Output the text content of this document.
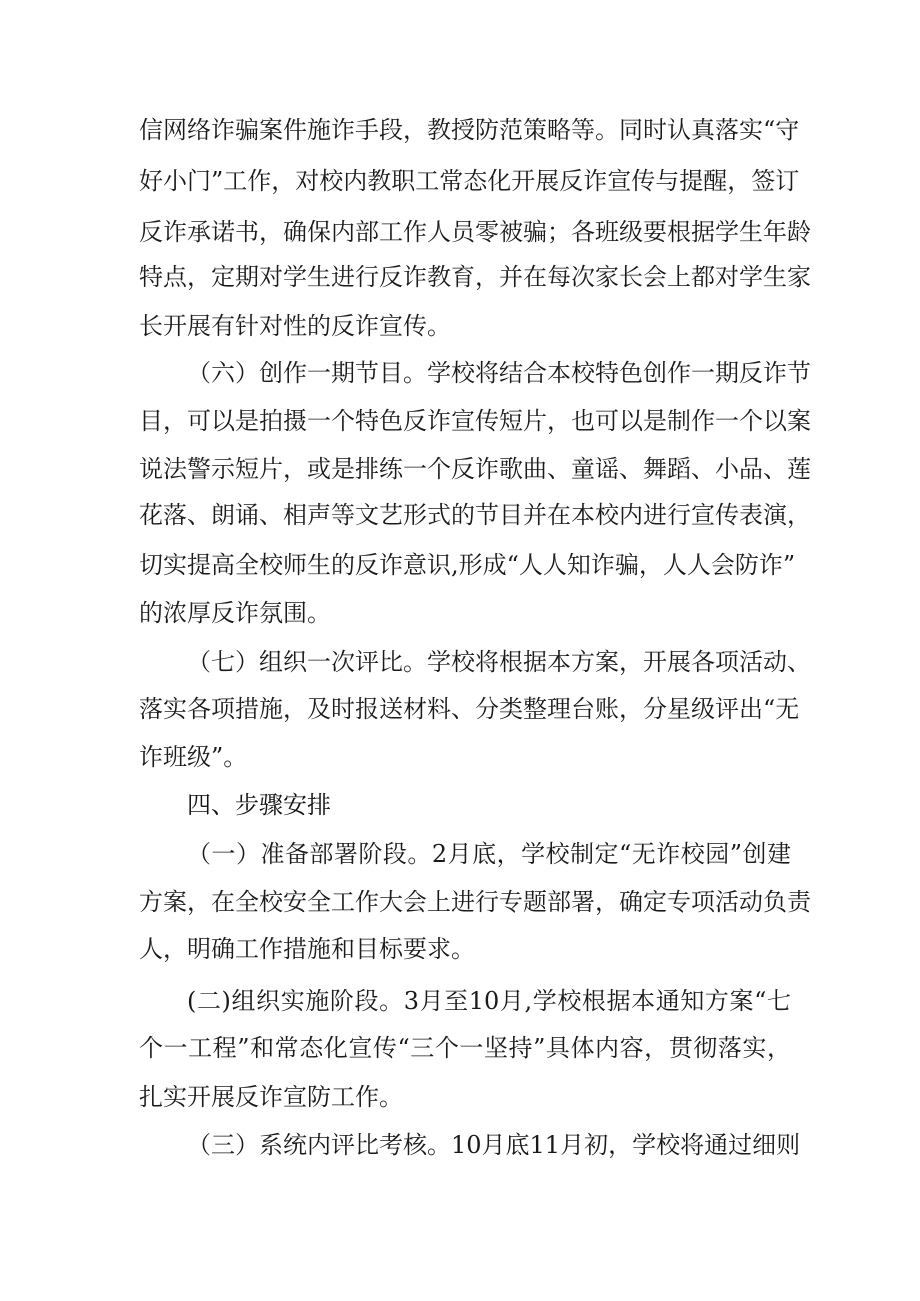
信网络诈骗案件施诈手段，教授防范策略等。同时认真落实“守
好小门”工作，对校内教职工常态化开展反诈宣传与提醒，签订
反诈承诺书，确保内部工作人员零被骗；各班级要根据学生年龄
特点，定期对学生进行反诈教育，并在每次家长会上都对学生家
长开展有针对性的反诈宣传。
（六）创作一期节目。学校将结合本校特色创作一期反诈节
目，可以是拍摄一个特色反诈宣传短片，也可以是制作一个以案
说法警示短片，或是排练一个反诈歌曲、童谣、舞蹈、小品、莲
花落、朗诵、相声等文艺形式的节目并在本校内进行宣传表演，
切实提高全校师生的反诈意识,形成“人人知诈骗，人人会防诈”
的浓厚反诈氛围。
（七）组织一次评比。学校将根据本方案，开展各项活动、
落实各项措施，及时报送材料、分类整理台账，分星级评出“无
诈班级”。
四、步骤安排
（一）准备部署阶段。2月底，学校制定“无诈校园”创建
方案，在全校安全工作大会上进行专题部署，确定专项活动负责
人，明确工作措施和目标要求。
(二)组织实施阶段。3月至10月,学校根据本通知方案“七
个一工程”和常态化宣传“三个一坚持”具体内容，贯彻落实，
扎实开展反诈宣防工作。
（三）系统内评比考核。10月底11月初，学校将通过细则
